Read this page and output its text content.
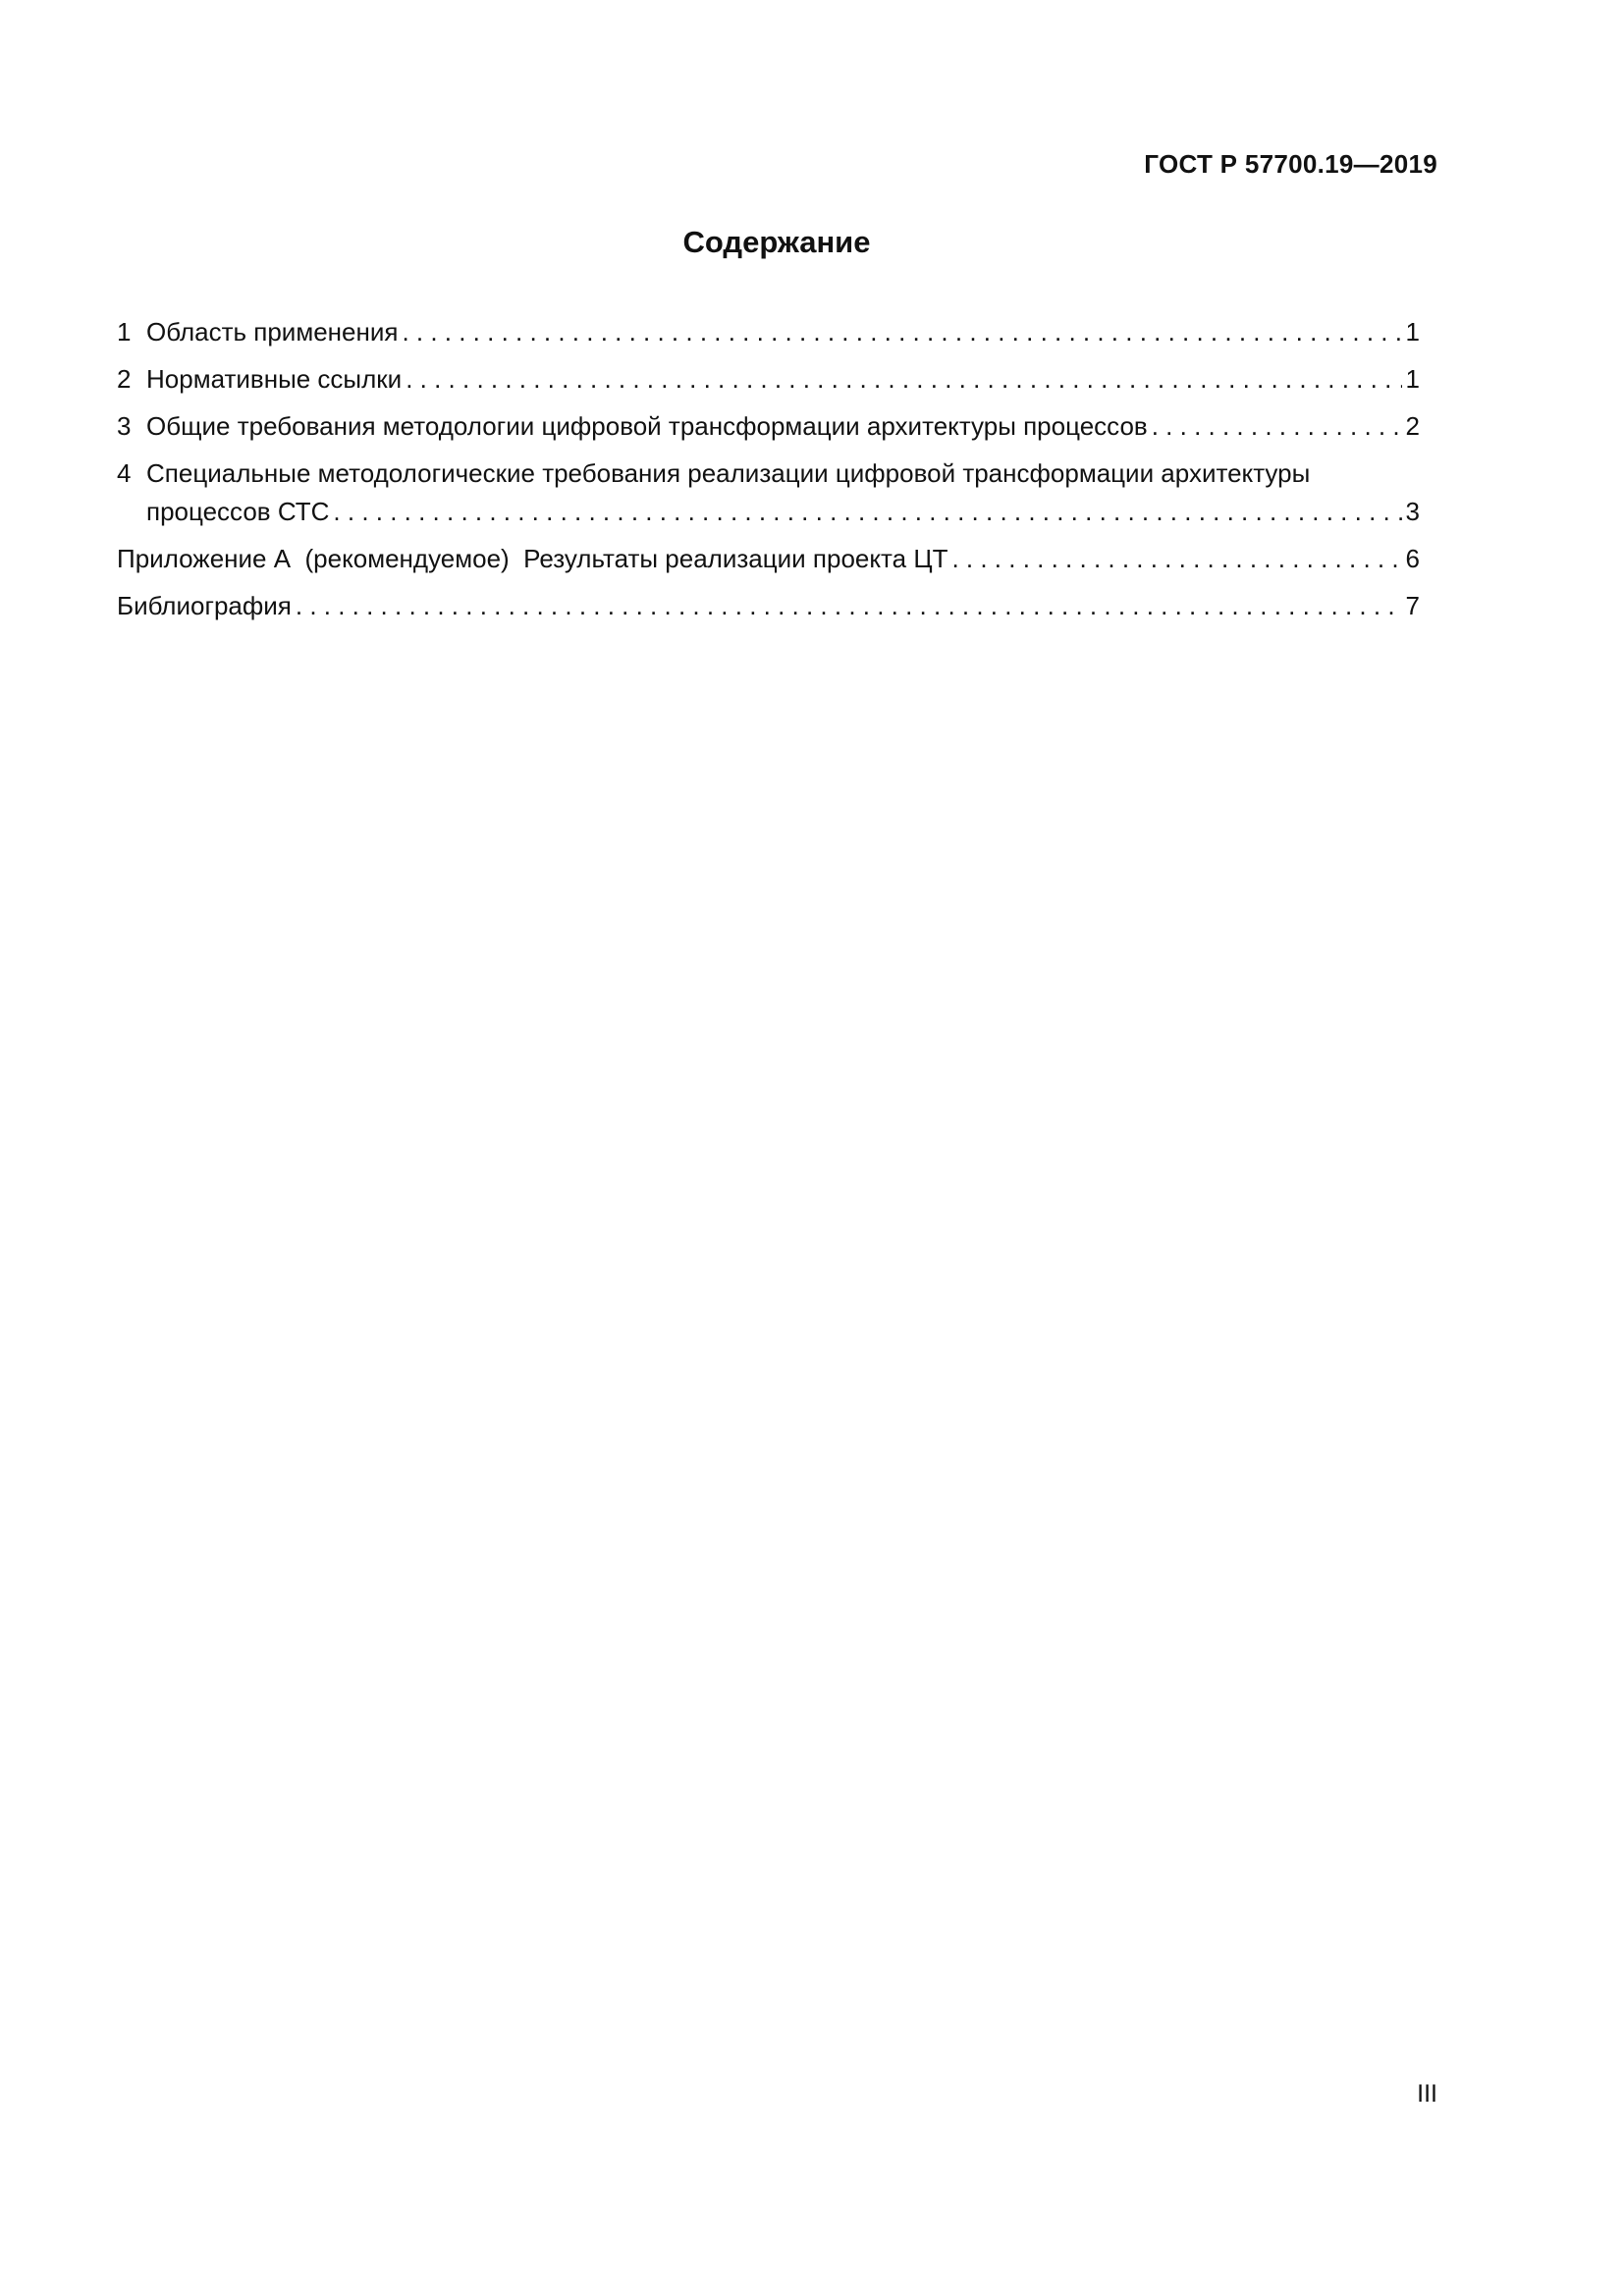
ГОСТ Р 57700.19—2019
Содержание
1 Область применения . . .	1
2 Нормативные ссылки . . .	1
3 Общие требования методологии цифровой трансформации архитектуры процессов . . .	2
4 Специальные методологические требования реализации цифровой трансформации архитектуры
процессов СТС . . .	3
Приложение А  (рекомендуемое)  Результаты реализации проекта ЦТ . . .	6
Библиография . . .	7
III
